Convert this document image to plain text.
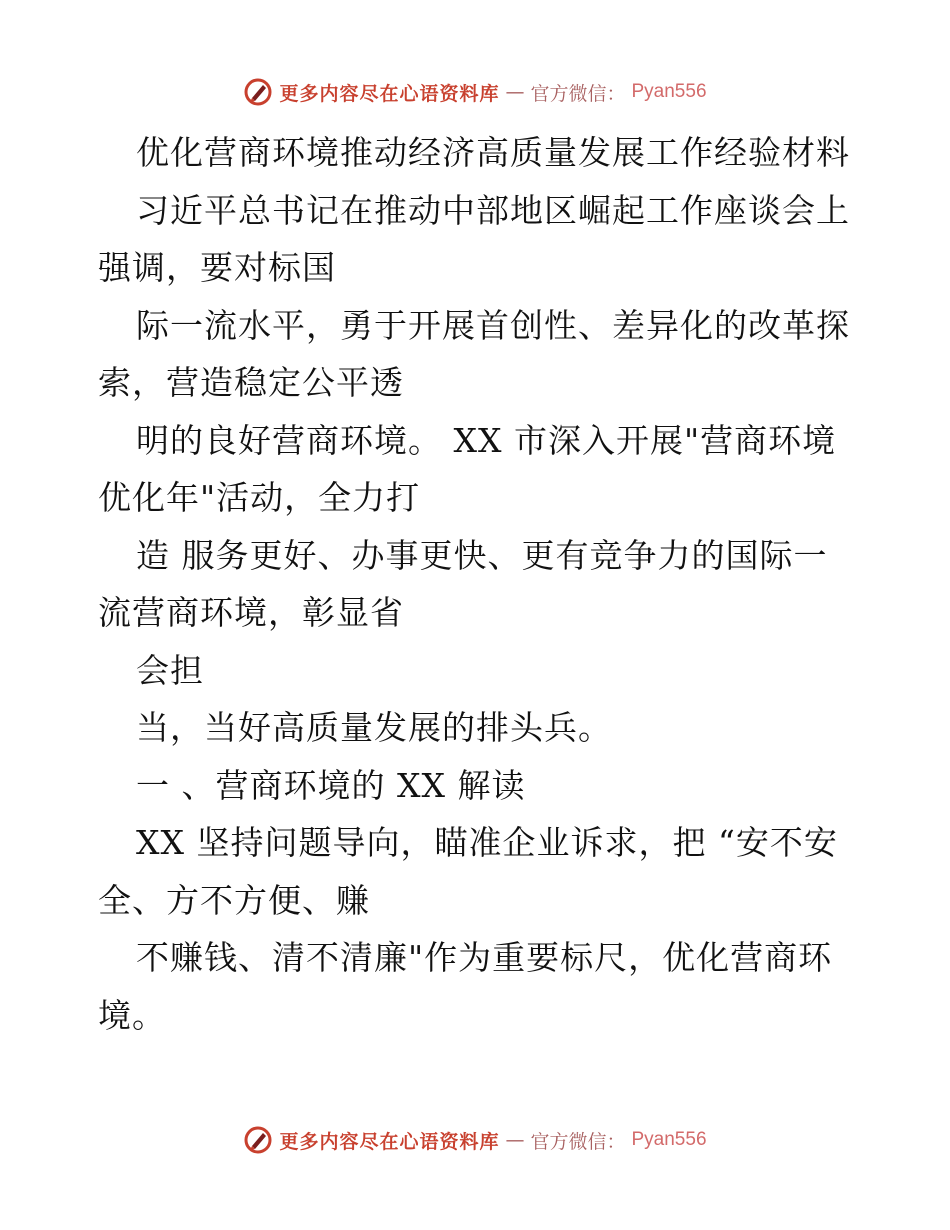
更多内容尽在心语资料库 — 官方微信： Pyan556
优化营商环境推动经济高质量发展工作经验材料
习近平总书记在推动中部地区崛起工作座谈会上
强调，要对标国
际一流水平，勇于开展首创性、差异化的改革探
索，营造稳定公平透
明的良好营商环境。 XX 市深入开展"营商环境
优化年"活动，全力打
造 服务更好、办事更快、更有竞争力的国际一
流营商环境，彰显省
会担
当，当好高质量发展的排头兵。
一 、营商环境的 XX 解读
XX 坚持问题导向，瞄准企业诉求，把 “安不安
全、方不方便、赚
不赚钱、清不清廉"作为重要标尺，优化营商环
境。
更多内容尽在心语资料库 — 官方微信： Pyan556
